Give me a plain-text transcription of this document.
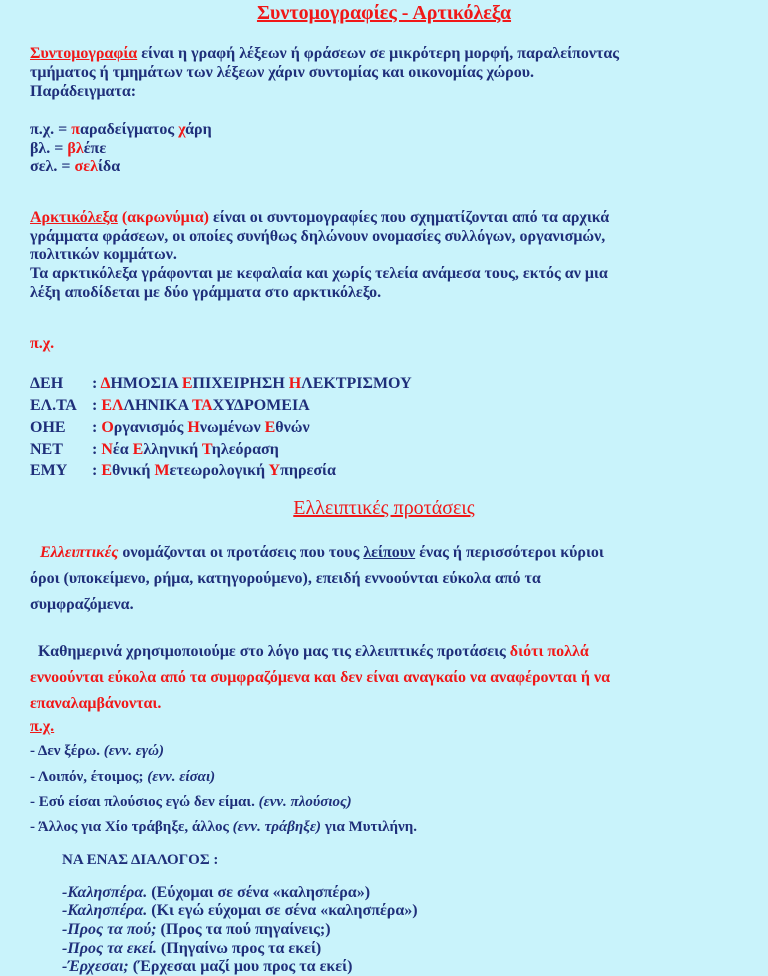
Συντομογραφίες - Αρτικόλεξα
Συντομογραφία είναι η γραφή λέξεων ή φράσεων σε μικρότερη μορφή, παραλείποντας
τμήματος ή τμημάτων των λέξεων χάριν συντομίας και οικονομίας χώρου.
Παράδειγματα:
π.χ. = παραδείγματος χάρη
βλ. = βλέπε
σελ. = σελίδα
Αρκτικόλεξα (ακρωνύμια) είναι οι συντομογραφίες που σχηματίζονται από τα αρχικά
γράμματα φράσεων, οι οποίες συνήθως δηλώνουν ονομασίες συλλόγων, οργανισμών,
πολιτικών κομμάτων.
Τα αρκτικόλεξα γράφονται με κεφαλαία και χωρίς τελεία ανάμεσα τους, εκτός αν μια
λέξη αποδίδεται με δύο γράμματα στο αρκτικόλεξο.
π.χ.
ΔΕΗ : ΔΗΜΟΣΙΑ ΕΠΙΧΕΙΡΗΣΗ ΗΛΕΚΤΡΙΣΜΟΥ
ΕΛ.ΤΑ : ΕΛΛΗΝΙΚΑ ΤΑΧΥΔΡΟΜΕΙΑ
ΟΗΕ : Οργανισμός Ηνωμένων Εθνών
ΝΕΤ : Νέα Ελληνική Τηλεόραση
ΕΜΥ : Εθνική Μετεωρολογική Υπηρεσία
Ελλειπτικές προτάσεις
Ελλειπτικές ονομάζονται οι προτάσεις που τους λείπουν ένας ή περισσότεροι κύριοι
όροι (υποκείμενο, ρήμα, κατηγορούμενο), επειδή εννοούνται εύκολα από τα
συμφραζόμενα.
Καθημερινά χρησιμοποιούμε στο λόγο μας τις ελλειπτικές προτάσεις διότι πολλά
εννοούνται εύκολα από τα συμφραζόμενα και δεν είναι αναγκαίο να αναφέρονται ή να
επαναλαμβάνονται.
π.χ.
- Δεν ξέρω. (ενν. εγώ)
- Λοιπόν, έτοιμος; (ενν. είσαι)
- Εσύ είσαι πλούσιος εγώ δεν είμαι. (ενν. πλούσιος)
- Άλλος για Χίο τράβηξε, άλλος (ενν. τράβηξε) για Μυτιλήνη.
ΝΑ ΕΝΑΣ ΔΙΑΛΟΓΟΣ :
-Καλησπέρα. (Εύχομαι σε σένα «καλησπέρα»)
-Καλησπέρα. (Κι εγώ εύχομαι σε σένα «καλησπέρα»)
-Προς τα πού; (Προς τα πού πηγαίνεις;)
-Προς τα εκεί. (Πηγαίνω προς τα εκεί)
-Έρχεσαι; (Έρχεσαι μαζί μου προς τα εκεί)
